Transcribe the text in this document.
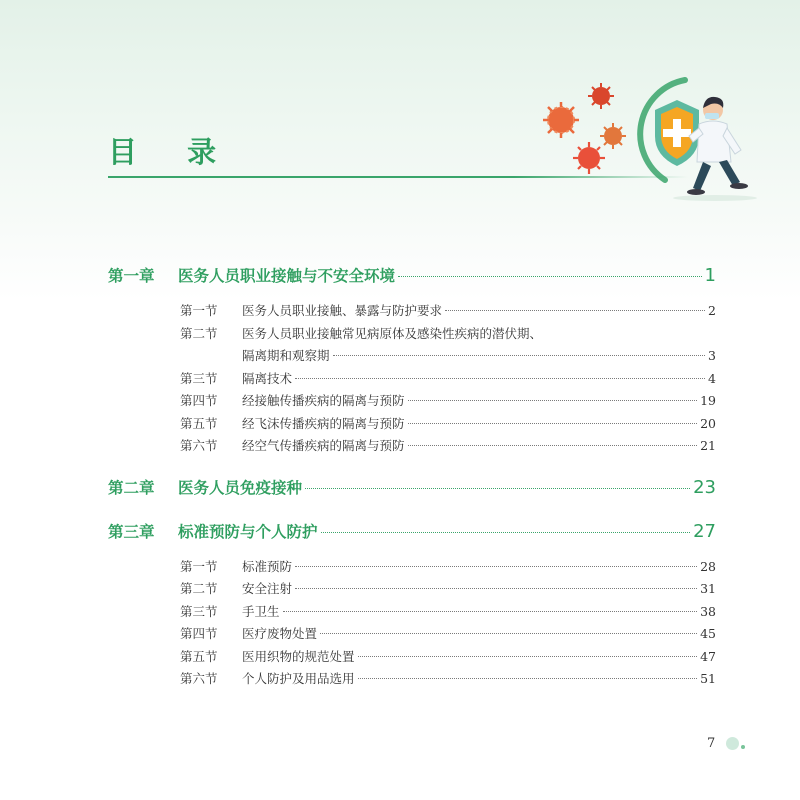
目 录
第一章	医务人员职业接触与不安全环境	1
第一节	医务人员职业接触、暴露与防护要求	2
第二节	医务人员职业接触常见病原体及感染性疾病的潜伏期、
隔离期和观察期	3
第三节	隔离技术	4
第四节	经接触传播疾病的隔离与预防	19
第五节	经飞沫传播疾病的隔离与预防	20
第六节	经空气传播疾病的隔离与预防	21
第二章	医务人员免疫接种	23
第三章	标准预防与个人防护	27
第一节	标准预防	28
第二节	安全注射	31
第三节	手卫生	38
第四节	医疗废物处置	45
第五节	医用织物的规范处置	47
第六节	个人防护及用品选用	51
7
